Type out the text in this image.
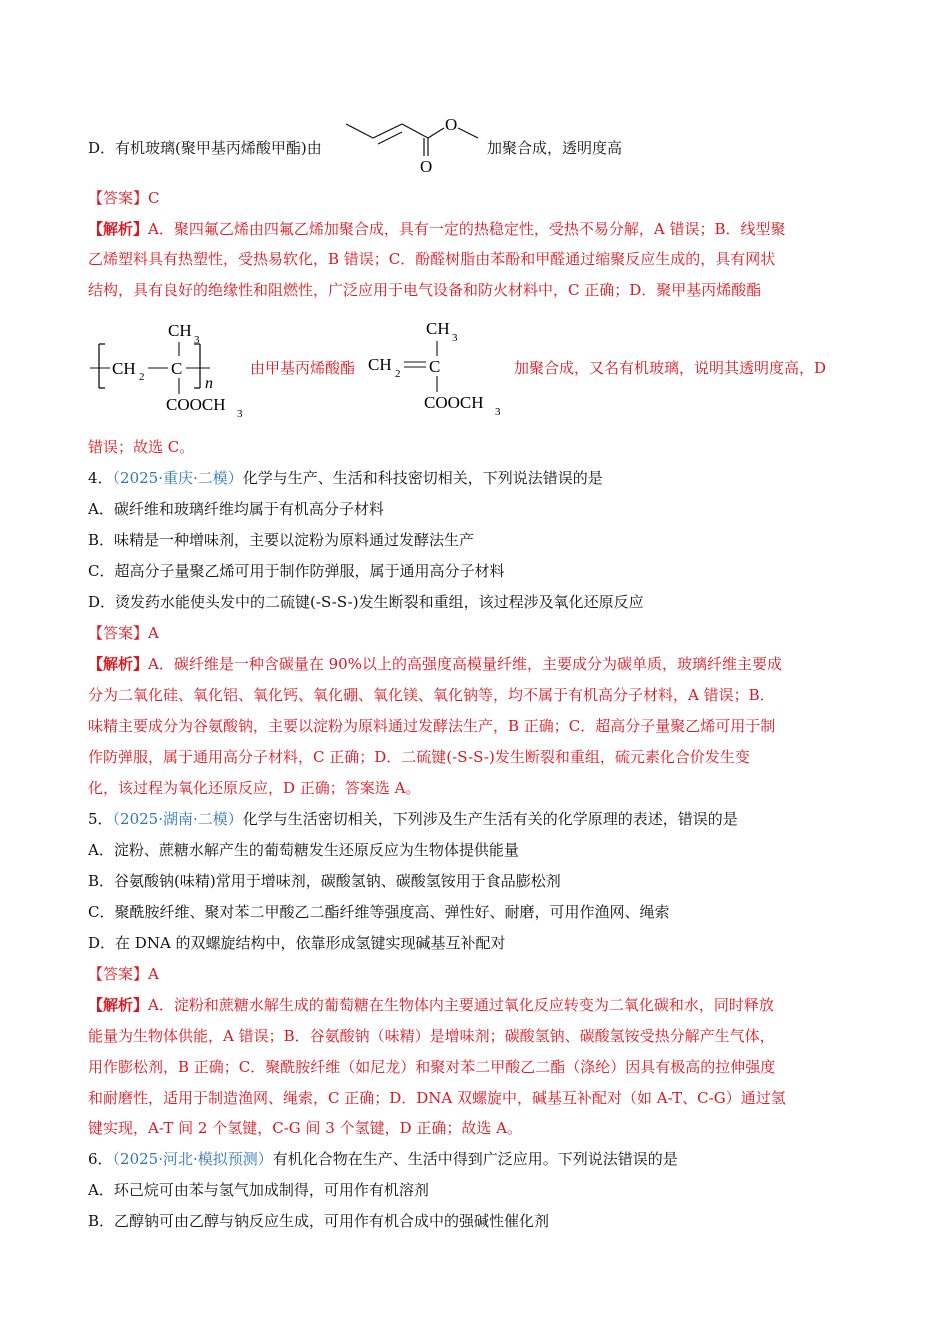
D．有机玻璃(聚甲基丙烯酸甲酯)由
O
O
加聚合成，透明度高
【答案】C
【解析】A．聚四氟乙烯由四氟乙烯加聚合成，具有一定的热稳定性，受热不易分解，A 错误；B．线型聚
乙烯塑料具有热塑性，受热易软化，B 错误；C．酚醛树脂由苯酚和甲醛通过缩聚反应生成的，具有网状
结构，具有良好的绝缘性和阻燃性，广泛应用于电气设备和防火材料中，C 正确；D．聚甲基丙烯酸酯
CH 3
CH 2 C
n
COOCH 3
由甲基丙烯酸酯
CH 3
CH 2 C
COOCH 3
加聚合成，又名有机玻璃，说明其透明度高，D
错误；故选 C。
4．（2025·重庆·二模）化学与生产、生活和科技密切相关，下列说法错误的是
A．碳纤维和玻璃纤维均属于有机高分子材料
B．味精是一种增味剂，主要以淀粉为原料通过发酵法生产
C．超高分子量聚乙烯可用于制作防弹服，属于通用高分子材料
D．烫发药水能使头发中的二硫键(-S-S-)发生断裂和重组，该过程涉及氧化还原反应
【答案】A
【解析】A．碳纤维是一种含碳量在 90%以上的高强度高模量纤维，主要成分为碳单质，玻璃纤维主要成
分为二氧化硅、氧化铝、氧化钙、氧化硼、氧化镁、氧化钠等，均不属于有机高分子材料，A 错误；B．
味精主要成分为谷氨酸钠，主要以淀粉为原料通过发酵法生产，B 正确；C．超高分子量聚乙烯可用于制
作防弹服，属于通用高分子材料，C 正确；D．二硫键(-S-S-)发生断裂和重组，硫元素化合价发生变
化，该过程为氧化还原反应，D 正确；答案选 A。
5．（2025·湖南·二模）化学与生活密切相关，下列涉及生产生活有关的化学原理的表述，错误的是
A．淀粉、蔗糖水解产生的葡萄糖发生还原反应为生物体提供能量
B．谷氨酸钠(味精)常用于增味剂，碳酸氢钠、碳酸氢铵用于食品膨松剂
C．聚酰胺纤维、聚对苯二甲酸乙二酯纤维等强度高、弹性好、耐磨，可用作渔网、绳索
D．在 DNA 的双螺旋结构中，依靠形成氢键实现碱基互补配对
【答案】A
【解析】A．淀粉和蔗糖水解生成的葡萄糖在生物体内主要通过氧化反应转变为二氧化碳和水，同时释放
能量为生物体供能，A 错误；B．谷氨酸钠（味精）是增味剂；碳酸氢钠、碳酸氢铵受热分解产生气体，
用作膨松剂，B 正确；C．聚酰胺纤维（如尼龙）和聚对苯二甲酸乙二酯（涤纶）因具有极高的拉伸强度
和耐磨性，适用于制造渔网、绳索，C 正确；D．DNA 双螺旋中，碱基互补配对（如 A-T、C-G）通过氢
键实现，A-T 间 2 个氢键，C-G 间 3 个氢键，D 正确；故选 A。
6．（2025·河北·模拟预测）有机化合物在生产、生活中得到广泛应用。下列说法错误的是
A．环己烷可由苯与氢气加成制得，可用作有机溶剂
B．乙醇钠可由乙醇与钠反应生成，可用作有机合成中的强碱性催化剂
